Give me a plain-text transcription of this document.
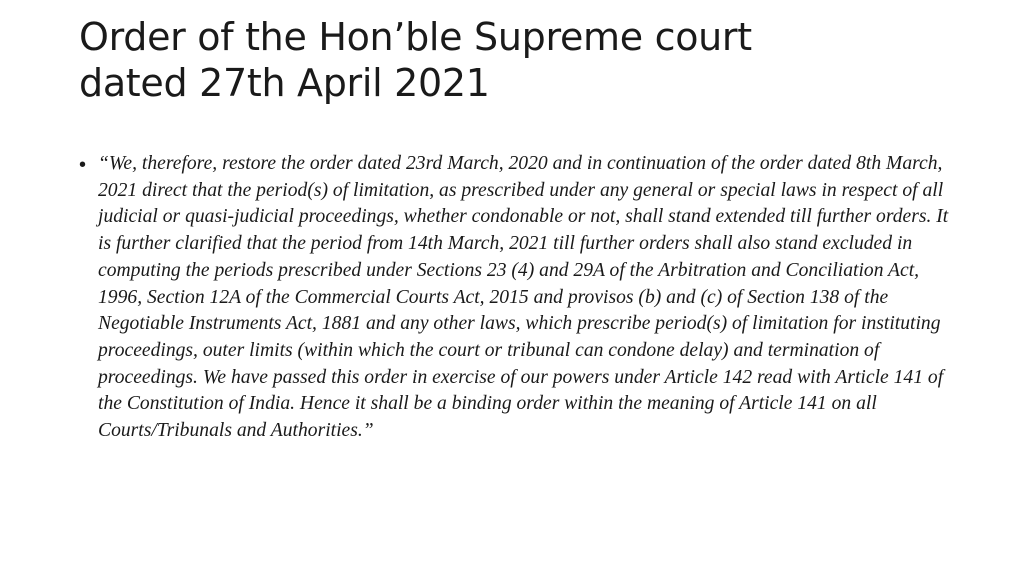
Order of the Hon’ble Supreme court
dated 27th April 2021
• “We, therefore, restore the order dated 23rd March, 2020 and in continuation of the order dated 8th March, 2021 direct that the period(s) of limitation, as prescribed under any general or special laws in respect of all judicial or quasi-judicial proceedings, whether condonable or not, shall stand extended till further orders. It is further clarified that the period from 14th March, 2021 till further orders shall also stand excluded in computing the periods prescribed under Sections 23 (4) and 29A of the Arbitration and Conciliation Act, 1996, Section 12A of the Commercial Courts Act, 2015 and provisos (b) and (c) of Section 138 of the Negotiable Instruments Act, 1881 and any other laws, which prescribe period(s) of limitation for instituting proceedings, outer limits (within which the court or tribunal can condone delay) and termination of proceedings. We have passed this order in exercise of our powers under Article 142 read with Article 141 of the Constitution of India. Hence it shall be a binding order within the meaning of Article 141 on all Courts/Tribunals and Authorities.”
